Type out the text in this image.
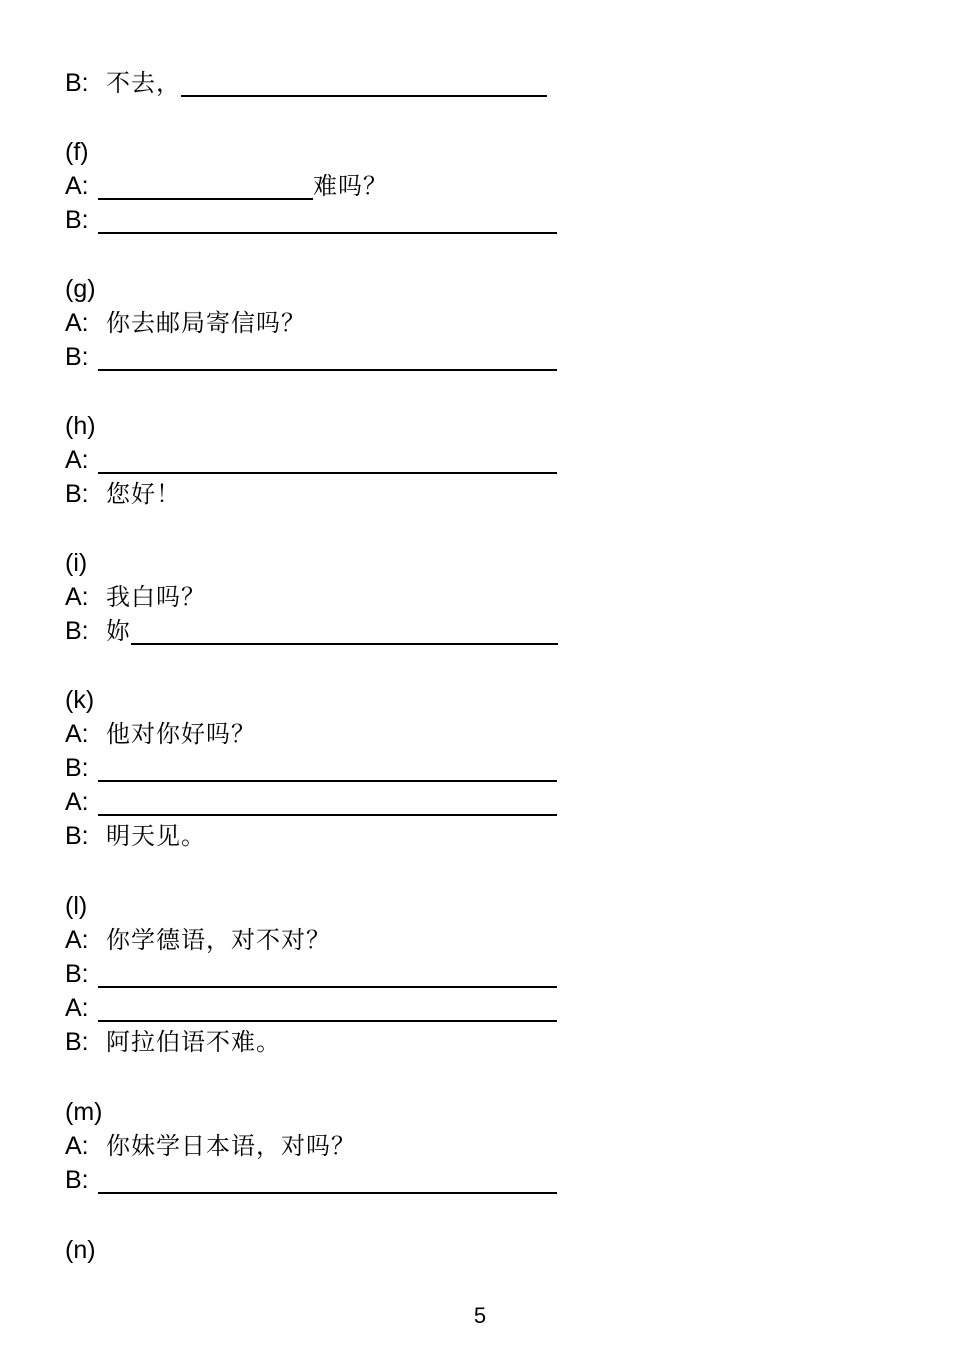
B: 不去，
(f)
A:	难吗？
B:
(g)
A: 你去邮局寄信吗？
B:
(h)
A:
B: 您好！
(i)
A: 我白吗？
B: 妳
(k)
A: 他对你好吗？
B:
A:
B: 明天见。
(l)
A: 你学德语，对不对？
B:
A:
B: 阿拉伯语不难。
(m)
A: 你妹学日本语，对吗？
B:
(n)
5
